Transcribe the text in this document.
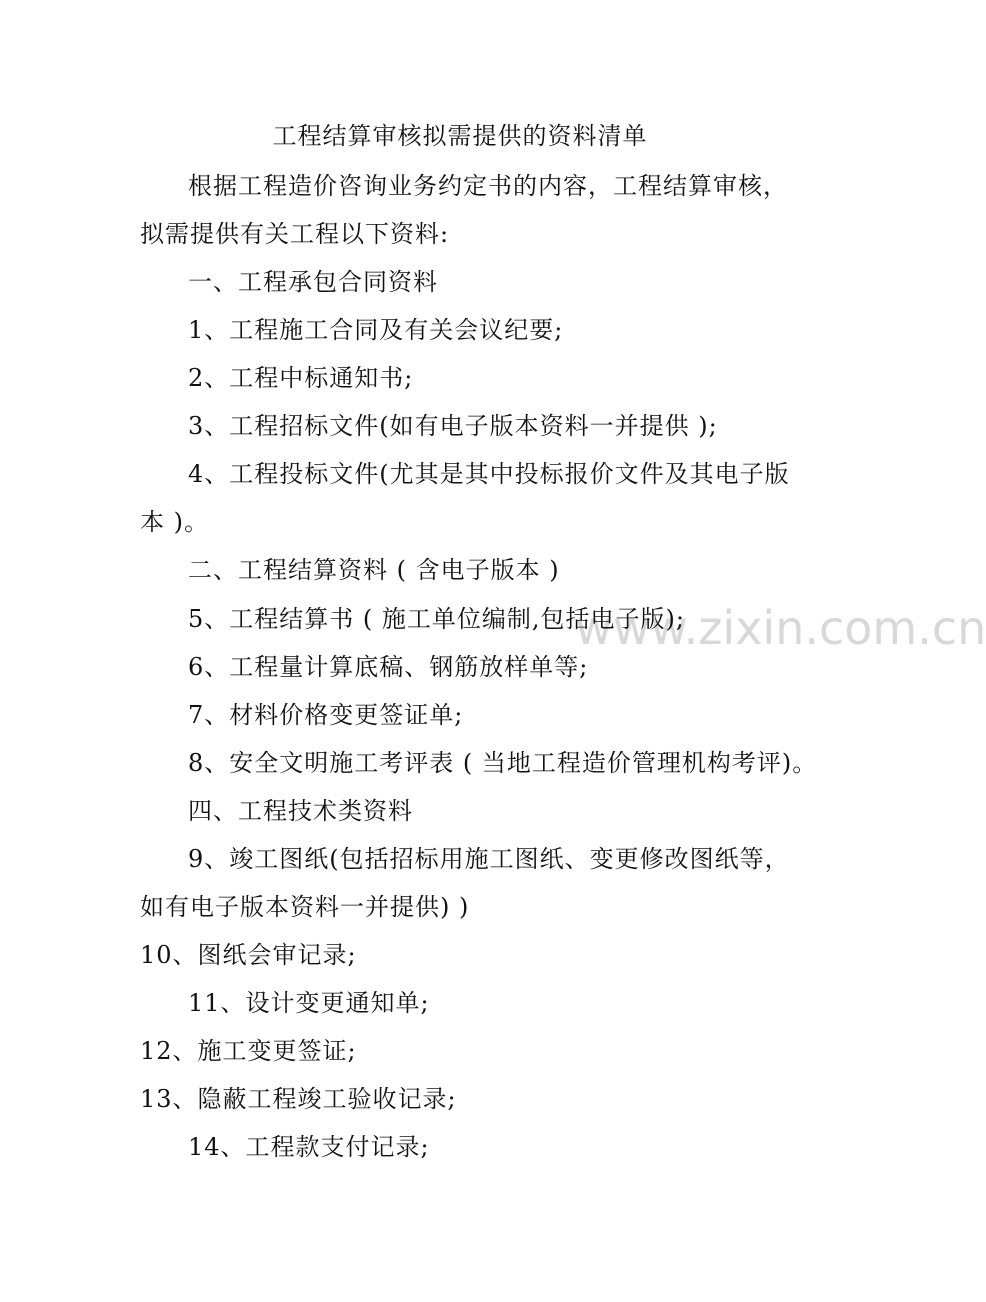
www.zixin.com.cn
工程结算审核拟需提供的资料清单
根据工程造价咨询业务约定书的内容，工程结算审核，
拟需提供有关工程以下资料:
一、工程承包合同资料
1、工程施工合同及有关会议纪要;
2、工程中标通知书;
3、工程招标文件(如有电子版本资料一并提供 );
4、工程投标文件(尤其是其中投标报价文件及其电子版
本 )。
二、工程结算资料 ( 含电子版本 )
5、工程结算书 ( 施工单位编制,包括电子版);
6、工程量计算底稿、钢筋放样单等;
7、材料价格变更签证单;
8、安全文明施工考评表 ( 当地工程造价管理机构考评)。
四、工程技术类资料
9、竣工图纸(包括招标用施工图纸、变更修改图纸等，
如有电子版本资料一并提供) )
10、图纸会审记录;
11、设计变更通知单;
12、施工变更签证;
13、隐蔽工程竣工验收记录;
14、工程款支付记录;
